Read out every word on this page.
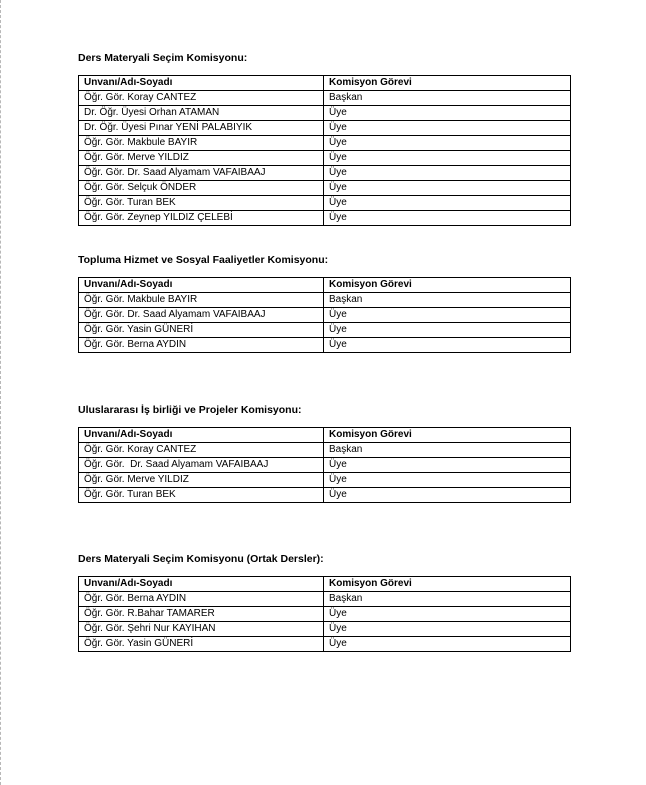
Ders Materyali Seçim Komisyonu:
Unvanı/Adı-Soyadı	Komisyon Görevi
Öğr. Gör. Koray CANTEZ	Başkan
Dr. Öğr. Üyesi Orhan ATAMAN	Üye
Dr. Öğr. Üyesi Pınar YENİ PALABIYIK	Üye
Öğr. Gör. Makbule BAYIR	Üye
Öğr. Gör. Merve YILDIZ	Üye
Öğr. Gör. Dr. Saad Alyamam VAFAIBAAJ	Üye
Öğr. Gör. Selçuk ÖNDER	Üye
Öğr. Gör. Turan BEK	Üye
Öğr. Gör. Zeynep YILDIZ ÇELEBİ	Üye
Topluma Hizmet ve Sosyal Faaliyetler Komisyonu:
Unvanı/Adı-Soyadı	Komisyon Görevi
Öğr. Gör. Makbule BAYIR	Başkan
Öğr. Gör. Dr. Saad Alyamam VAFAIBAAJ	Üye
Öğr. Gör. Yasin GÜNERİ	Üye
Öğr. Gör. Berna AYDIN	Üye
Uluslararası İş birliği ve Projeler Komisyonu:
Unvanı/Adı-Soyadı	Komisyon Görevi
Öğr. Gör. Koray CANTEZ	Başkan
Öğr. Gör.  Dr. Saad Alyamam VAFAIBAAJ	Üye
Öğr. Gör. Merve YILDIZ	Üye
Öğr. Gör. Turan BEK	Üye
Ders Materyali Seçim Komisyonu (Ortak Dersler):
Unvanı/Adı-Soyadı	Komisyon Görevi
Öğr. Gör. Berna AYDIN	Başkan
Öğr. Gör. R.Bahar TAMARER	Üye
Öğr. Gör. Şehri Nur KAYIHAN	Üye
Öğr. Gör. Yasin GÜNERİ	Üye
